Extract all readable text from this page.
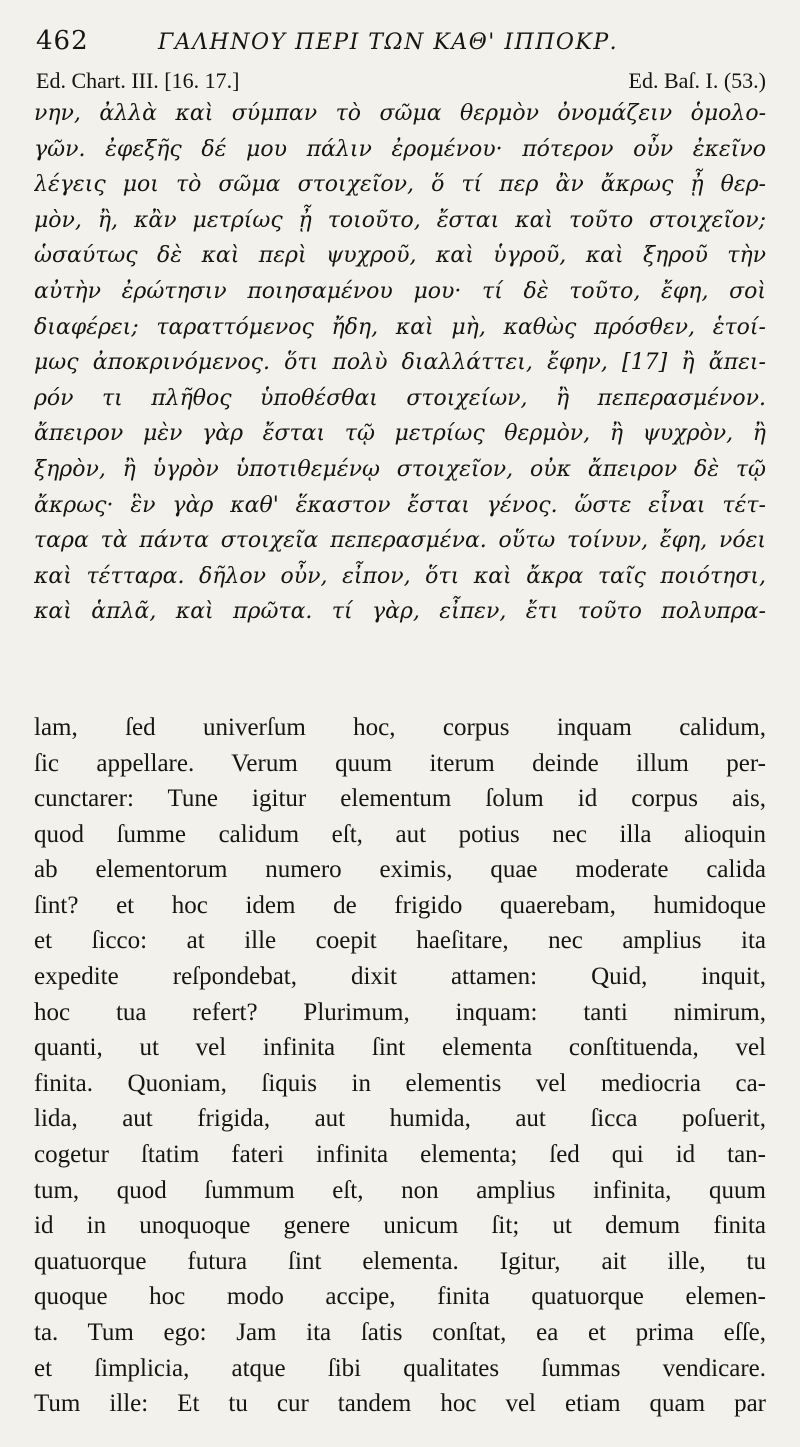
462	ΓΑΛΗΝΟΥ ΠΕΡΙ ΤΩΝ ΚΑΘ' ΙΠΠΟΚΡ.
Ed. Chart. III. [16. 17.]	Ed. Baſ. I. (53.)
νην, ἀλλὰ καὶ σύμπαν τὸ σῶμα θερμὸν ὀνομάζειν ὁμολο-
γῶν. ἐφεξῆς δέ μου πάλιν ἐρομένου· πότερον οὖν ἐκεῖνο
λέγεις μοι τὸ σῶμα στοιχεῖον, ὅ τί περ ἂν ἄκρως ᾖ θερ-
μὸν, ἢ, κἂν μετρίως ᾖ τοιοῦτο, ἔσται καὶ τοῦτο στοιχεῖον;
ὡσαύτως δὲ καὶ περὶ ψυχροῦ, καὶ ὑγροῦ, καὶ ξηροῦ τὴν
αὐτὴν ἐρώτησιν ποιησαμένου μου· τί δὲ τοῦτο, ἔφη, σοὶ
διαφέρει; ταραττόμενος ἤδη, καὶ μὴ, καθὼς πρόσθεν, ἑτοί-
μως ἀποκρινόμενος. ὅτι πολὺ διαλλάττει, ἔφην, [17] ἢ ἄπει-
ρόν τι πλῆθος ὑποθέσθαι στοιχείων, ἢ πεπερασμένον.
ἄπειρον μὲν γὰρ ἔσται τῷ μετρίως θερμὸν, ἢ ψυχρὸν, ἢ
ξηρὸν, ἢ ὑγρὸν ὑποτιθεμένῳ στοιχεῖον, οὐκ ἄπειρον δὲ τῷ
ἄκρως· ἓν γὰρ καθ' ἕκαστον ἔσται γένος. ὥστε εἶναι τέτ-
ταρα τὰ πάντα στοιχεῖα πεπερασμένα. οὕτω τοίνυν, ἔφη, νόει
καὶ τέτταρα. δῆλον οὖν, εἶπον, ὅτι καὶ ἄκρα ταῖς ποιότησι,
καὶ ἁπλᾶ, καὶ πρῶτα. τί γὰρ, εἶπεν, ἔτι τοῦτο πολυπρα-
lam, ſed univerſum hoc, corpus inquam calidum,
ſic appellare. Verum quum iterum deinde illum per-
cunctarer: Tune igitur elementum ſolum id corpus ais,
quod ſumme calidum eſt, aut potius nec illa alioquin
ab elementorum numero eximis, quae moderate calida
ſint? et hoc idem de frigido quaerebam, humidoque
et ſicco: at ille coepit haeſitare, nec amplius ita
expedite reſpondebat, dixit attamen: Quid, inquit,
hoc tua refert? Plurimum, inquam: tanti nimirum,
quanti, ut vel infinita ſint elementa conſtituenda, vel
finita. Quoniam, ſiquis in elementis vel mediocria ca-
lida, aut frigida, aut humida, aut ſicca poſuerit,
cogetur ſtatim fateri infinita elementa; ſed qui id tan-
tum, quod ſummum eſt, non amplius infinita, quum
id in unoquoque genere unicum ſit; ut demum finita
quatuorque futura ſint elementa. Igitur, ait ille, tu
quoque hoc modo accipe, finita quatuorque elemen-
ta. Tum ego: Jam ita ſatis conſtat, ea et prima eſſe,
et ſimplicia, atque ſibi qualitates ſummas vendicare.
Tum ille: Et tu cur tandem hoc vel etiam quam par
